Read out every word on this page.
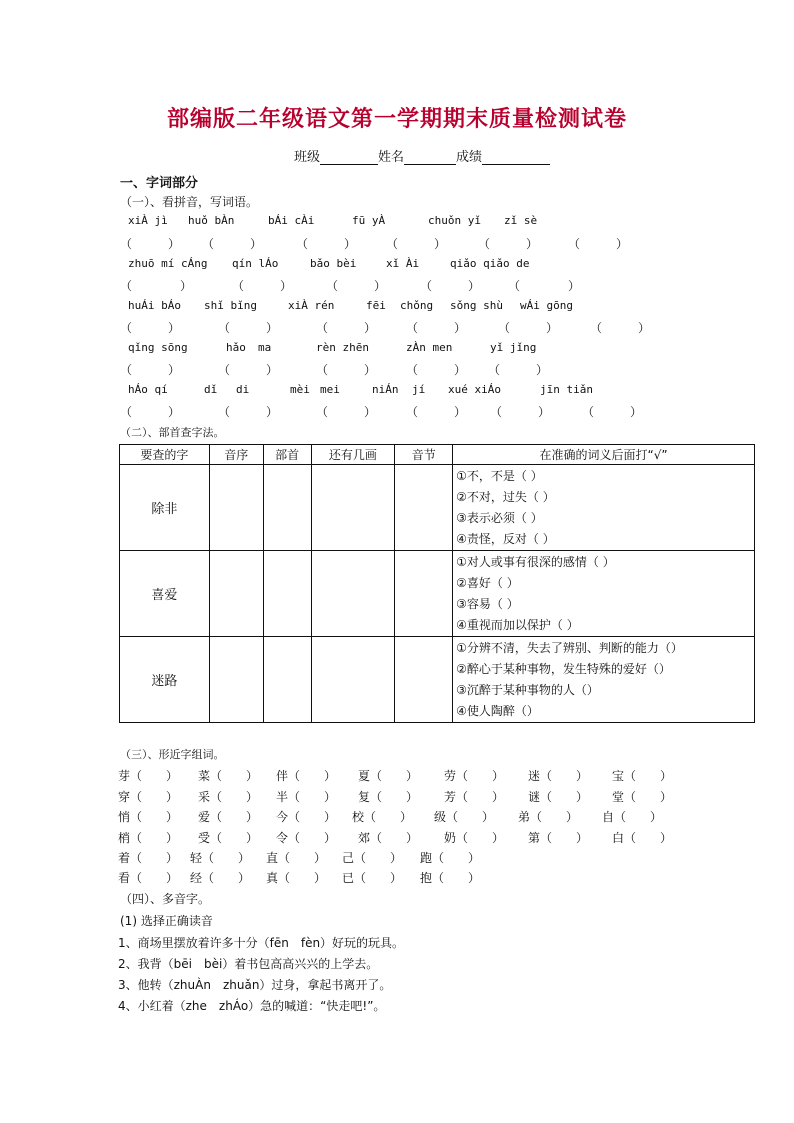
部编版二年级语文第一学期期末质量检测试卷
班级	姓名	成绩
一、字词部分
（一）、看拼音，写词语。
xiÀ jì huǒ bÀn	bÁi cÀi	fū yÀ	chuǒn yǐ zǐ sè
（　　　） （　　　）	（　　　） （　　　）	（　　　） （　　　）
zhuō mí cÁng qín lÁo	bǎo bèi	xǐ Ài	qiǎo qiǎo de
（　　　　）	（　　　）	（　　　）	（　　　） （　　　　）
huÁi bÁo shǐ bǐng	xiÀ rén	fēi chǒng sǒng shù wÁi gōng
（　　　）	（　　　）	（　　　） （　　　）	（　　　）	（　　　）
qǐng sōng	hǎo ma	rèn zhēn	zÀn men	yǐ jǐng
（　　　）	（　　　）	（　　　） （　　　） （　　　）
hÁo qí	dǐ di	mèi mei	niÁn jí xué xiÁo	jīn tiǎn
（　　　）	（　　　）	（　　　） （　　　） （　　　）	（　　　）
（二）、部首查字法。
要查的字	音序	部首	还有几画	音节	在准确的词义后面打“√”
除非					①不，不是（ ）
②不对，过失（ ）
③表示必须（ ）
④责怪，反对（ ）

喜爱					①对人或事有很深的感情（ ）
②喜好（ ）
③容易（ ）
④重视而加以保护（ ）

迷路					①分辨不清，失去了辨别、判断的能力（）
②醉心于某种事物，发生特殊的爱好（）
③沉醉于某种事物的人（）
④使人陶醉（）
（三）、形近字组词。
芽（　　） 菜（　　） 伴（　　） 夏（　　） 劳（　　） 迷（　　） 宝（　　）
穿（　　） 采（　　） 半（　　） 复（　　） 芳（　　） 谜（　　） 堂（　　）
悄（　　） 爱（　　） 今（　　） 校（　　） 级（　　） 弟（　　） 自（　　）
梢（　　） 受（　　） 令（　　） 郊（　　） 奶（　　） 第（　　） 白（　　）
着（　　） 轻（　　） 直（　　） 己（　　） 跑（　　）
看（　　） 经（　　） 真（　　） 已（　　） 抱（　　）
（四）、多音字。
(1) 选择正确读音
1、商场里摆放着许多十分（fēn　fèn）好玩的玩具。
2、我背（bēi　bèi）着书包高高兴兴的上学去。
3、他转（zhuÀn　zhuǎn）过身，拿起书离开了。
4、小红着（zhe　zhÁo）急的喊道：“快走吧!”。
